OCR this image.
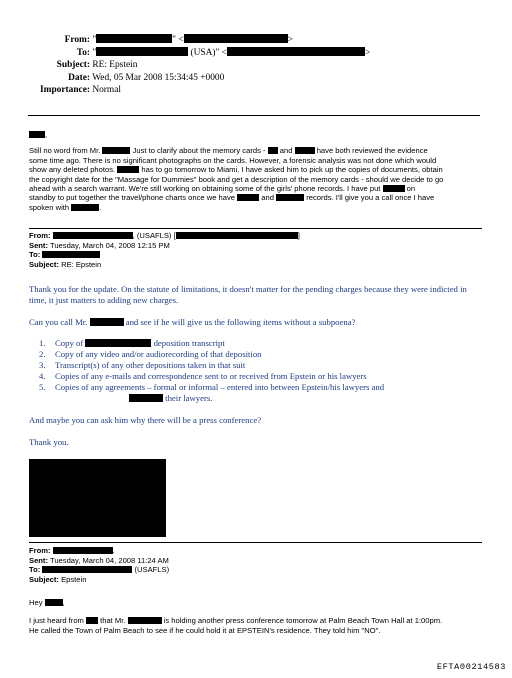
From: "	" <	>
To: "	(USA)" <	>
Subject: RE: Epstein
Date: Wed, 05 Mar 2008 15:34:45 +0000
Importance: Normal
,
Still no word from Mr.	Just to clarify about the memory cards - and	have both reviewed the evidence
some time ago. There is no significant photographs on the cards. However, a forensic analysis was not done which would
show any deleted photos.	has to go tomorrow to Miami. I have asked him to pick up the copies of documents, obtain
the copyright date for the "Massage for Dummies" book and get a description of the memory cards - should we decide to go
ahead with a search warrant. We're still working on obtaining some of the girls' phone records. I have put	on
standby to put together the travel/phone charts once we have	and	records. I'll give you a call once I have
spoken with	.
From:	, (USAFLS) [	]
Sent: Tuesday, March 04, 2008 12:15 PM
To:
Subject: RE: Epstein
Thank you for the update. On the statute of limitations, it doesn't matter for the pending charges because they were indicted in time, it just matters to adding new charges.
Can you call Mr.	and see if he will give us the following items without a subpoena?
1. Copy of	deposition transcript
2. Copy of any video and/or audiorecording of that deposition
3. Transcript(s) of any other depositions taken in that suit
4. Copies of any e-mails and correspondence sent to or received from Epstein or his lawyers
5. Copies of any agreements – formal or informal – entered into between Epstein/his lawyers and
their lawyers.
And maybe you can ask him why there will be a press conference?
Thank you.
From:	.
Sent: Tuesday, March 04, 2008 11:24 AM
To:	(USAFLS)
Subject: Epstein
Hey	,
I just heard from that Mr.	is holding another press conference tomorrow at Palm Beach Town Hall at 1:00pm.
He called the Town of Palm Beach to see if he could hold it at EPSTEIN's residence. They told him "NO".
EFTA00214583
